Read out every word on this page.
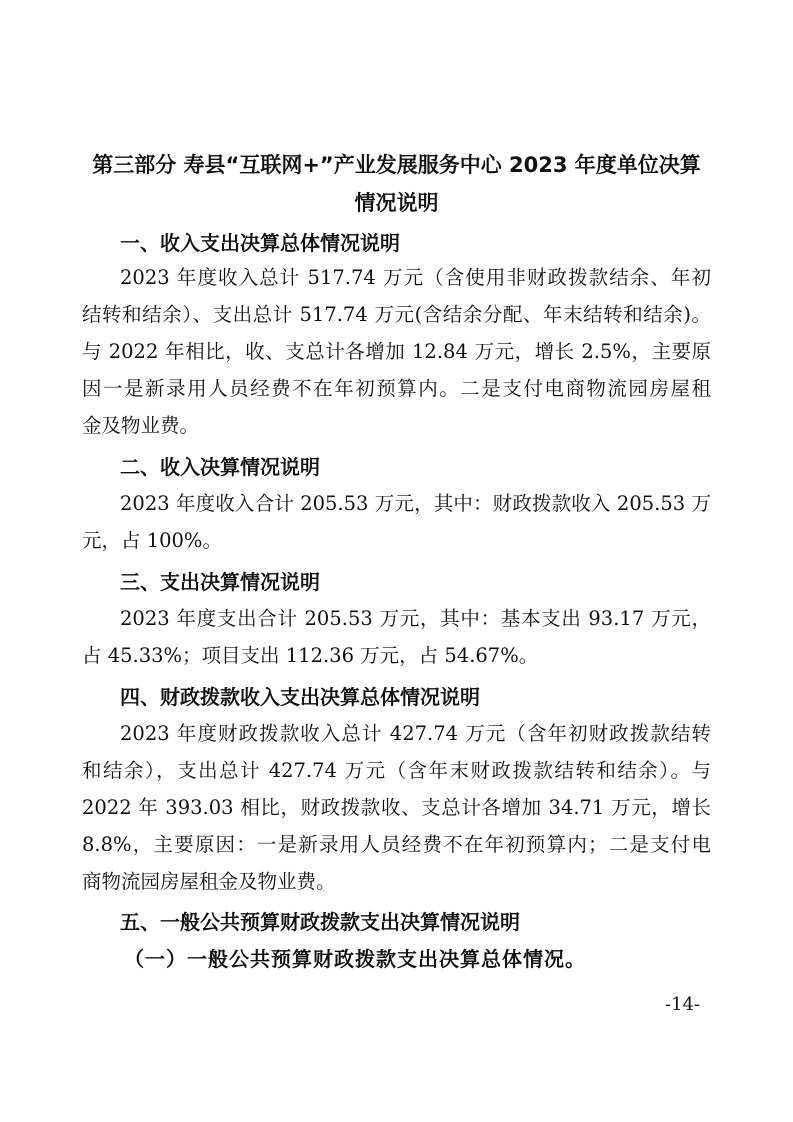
第三部分 寿县“互联网+”产业发展服务中心 2023 年度单位决算
情况说明
一、收入支出决算总体情况说明
2023 年度收入总计 517.74 万元（含使用非财政拨款结余、年初
结转和结余）、支出总计 517.74 万元(含结余分配、年末结转和结余)。
与 2022 年相比，收、支总计各增加 12.84 万元，增长 2.5%，主要原
因一是新录用人员经费不在年初预算内。二是支付电商物流园房屋租
金及物业费。
二、收入决算情况说明
2023 年度收入合计 205.53 万元，其中：财政拨款收入 205.53 万
元，占 100%。
三、支出决算情况说明
2023 年度支出合计 205.53 万元，其中：基本支出 93.17 万元，
占 45.33%；项目支出 112.36 万元，占 54.67%。
四、财政拨款收入支出决算总体情况说明
2023 年度财政拨款收入总计 427.74 万元（含年初财政拨款结转
和结余），支出总计 427.74 万元（含年末财政拨款结转和结余）。与
2022 年 393.03 相比，财政拨款收、支总计各增加 34.71 万元，增长
8.8%，主要原因：一是新录用人员经费不在年初预算内；二是支付电
商物流园房屋租金及物业费。
五、一般公共预算财政拨款支出决算情况说明
（一）一般公共预算财政拨款支出决算总体情况。
-14-
